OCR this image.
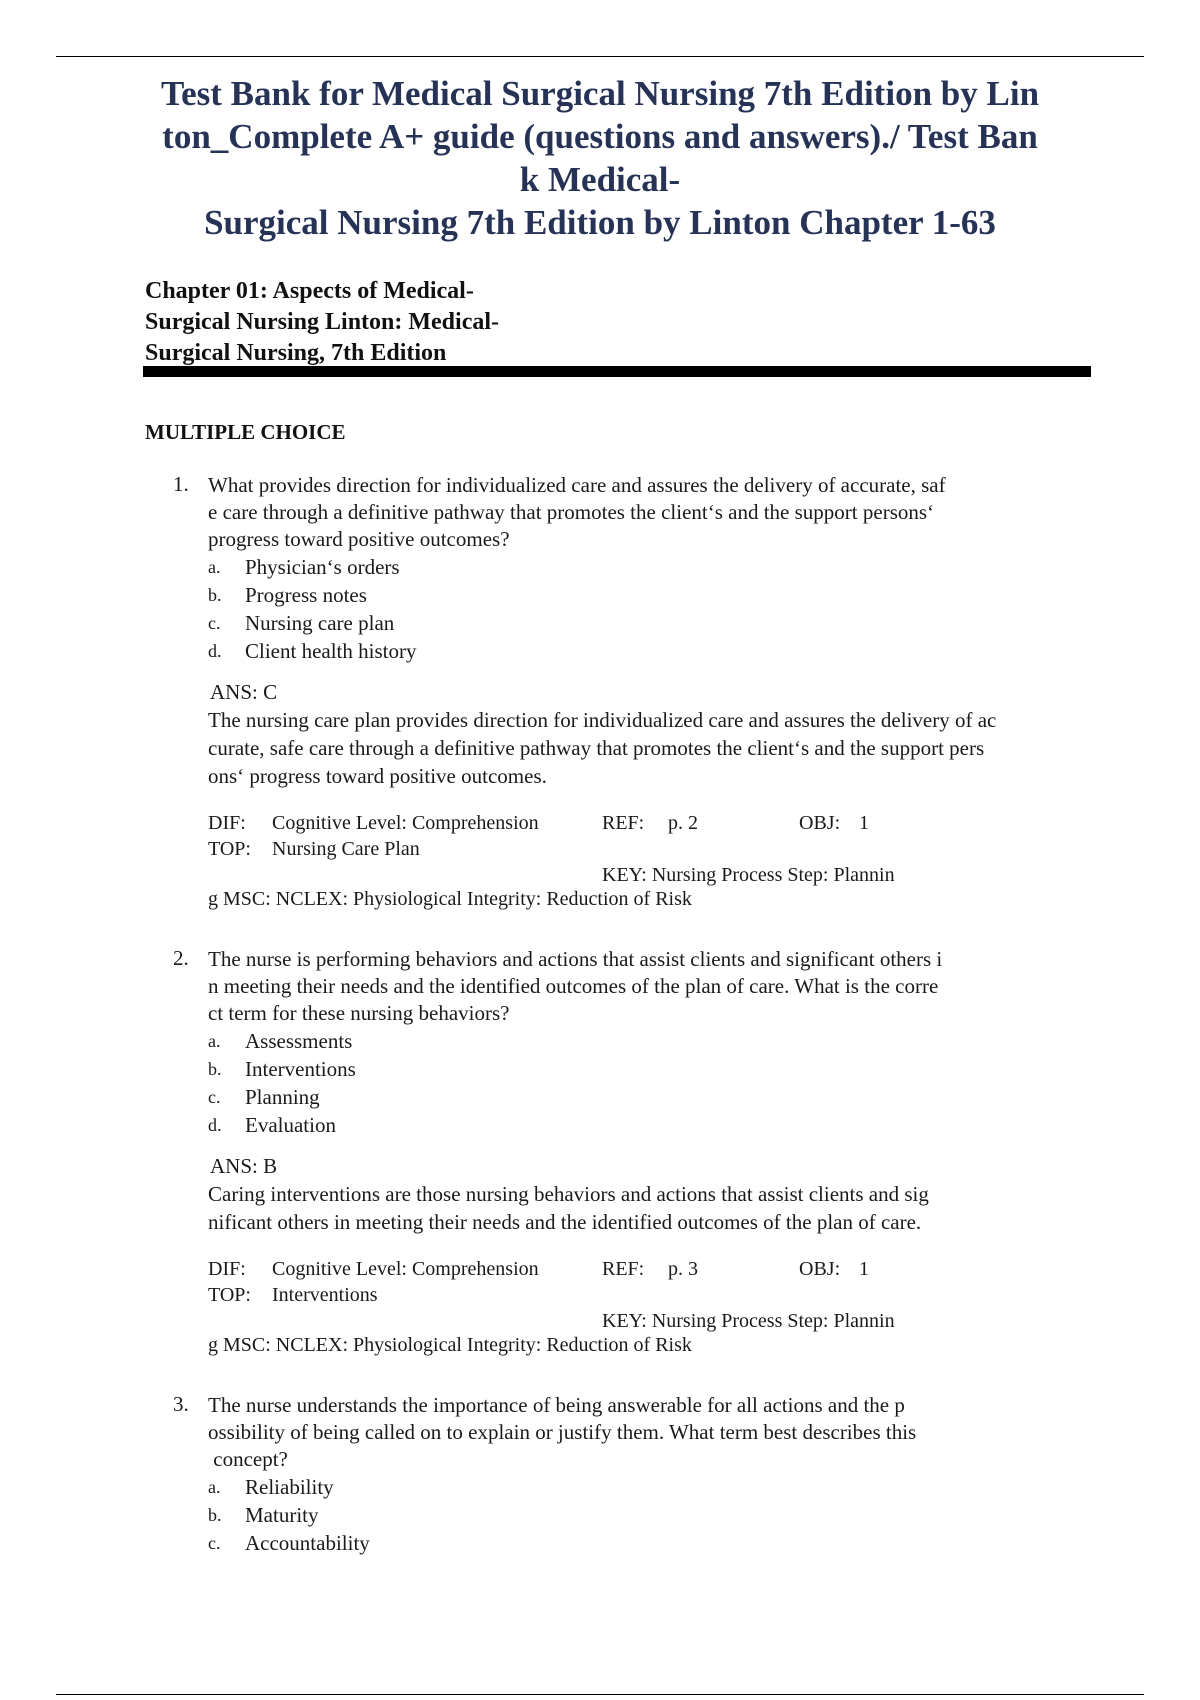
Test Bank for Medical Surgical Nursing 7th Edition by Lin
ton_Complete A+ guide (questions and answers)./ Test Ban
k Medical-
Surgical Nursing 7th Edition by Linton Chapter 1-63
Chapter 01: Aspects of Medical-
Surgical Nursing Linton: Medical-
Surgical Nursing, 7th Edition
MULTIPLE CHOICE
1. What provides direction for individualized care and assures the delivery of accurate, saf
e care through a definitive pathway that promotes the client‘s and the support persons‘
progress toward positive outcomes?
a. Physician‘s orders
b. Progress notes
c. Nursing care plan
d. Client health history
ANS: C
The nursing care plan provides direction for individualized care and assures the delivery of ac
curate, safe care through a definitive pathway that promotes the client‘s and the support pers
ons‘ progress toward positive outcomes.
DIF: Cognitive Level: Comprehension	REF: p. 2	OBJ: 1
TOP: Nursing Care Plan
KEY: Nursing Process Step: Plannin
g MSC: NCLEX: Physiological Integrity: Reduction of Risk
2. The nurse is performing behaviors and actions that assist clients and significant others i
n meeting their needs and the identified outcomes of the plan of care. What is the corre
ct term for these nursing behaviors?
a. Assessments
b. Interventions
c. Planning
d. Evaluation
ANS: B
Caring interventions are those nursing behaviors and actions that assist clients and sig
nificant others in meeting their needs and the identified outcomes of the plan of care.
DIF: Cognitive Level: Comprehension	REF: p. 3	OBJ: 1
TOP: Interventions
KEY: Nursing Process Step: Plannin
g MSC: NCLEX: Physiological Integrity: Reduction of Risk
3. The nurse understands the importance of being answerable for all actions and the p
ossibility of being called on to explain or justify them. What term best describes this
concept?
a. Reliability
b. Maturity
c. Accountability
